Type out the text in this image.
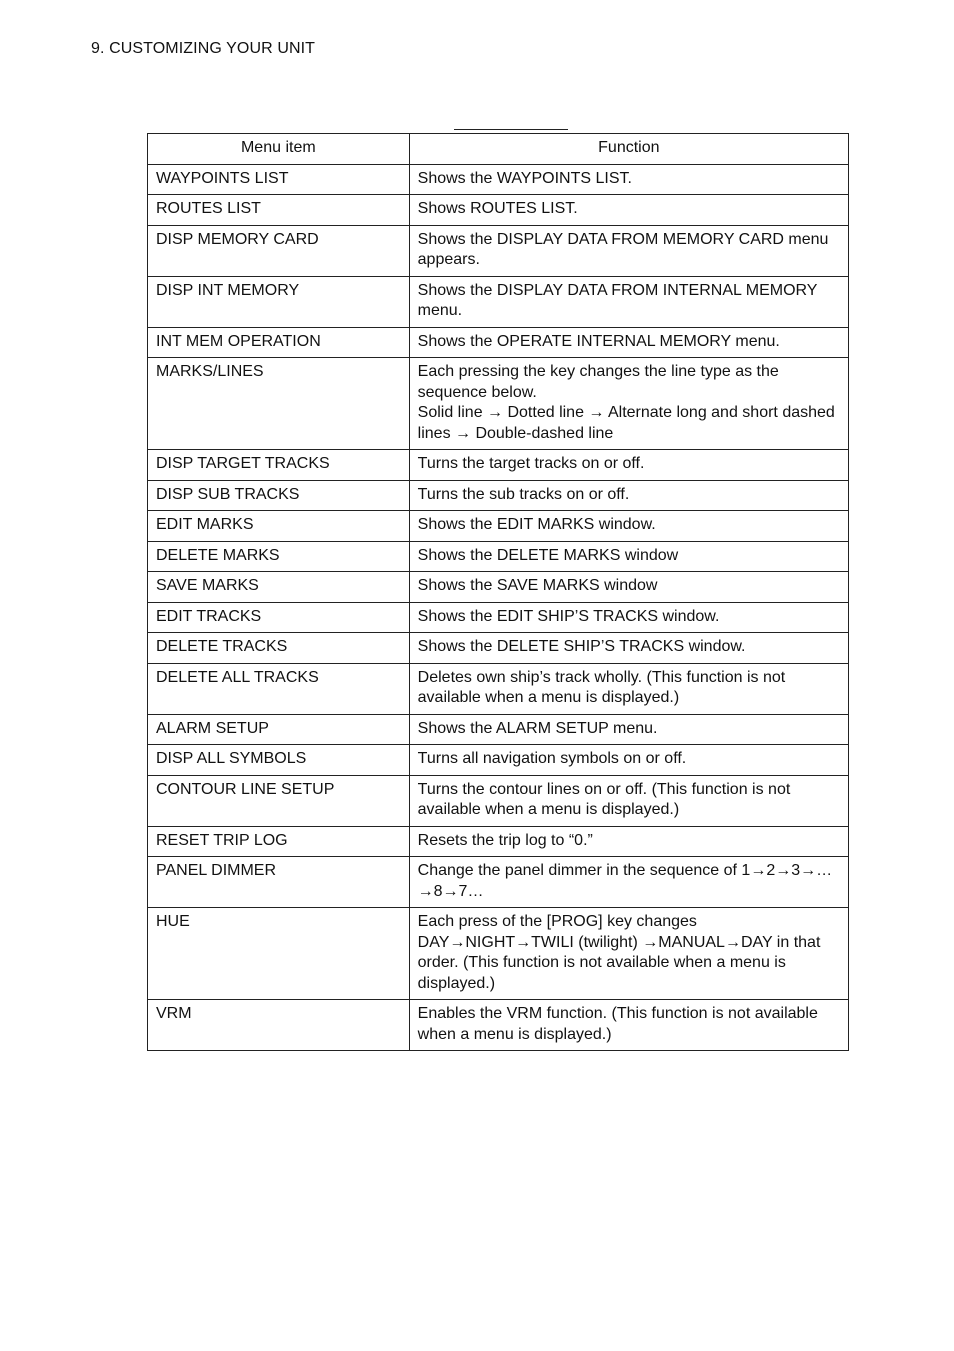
9. CUSTOMIZING YOUR UNIT
Menu item	Function
WAYPOINTS LIST	Shows the WAYPOINTS LIST.

ROUTES LIST	Shows ROUTES LIST.

DISP MEMORY CARD	Shows the DISPLAY DATA FROM MEMORY CARD menu appears.

DISP INT MEMORY	Shows the DISPLAY DATA FROM INTERNAL MEMORY menu.

INT MEM OPERATION	Shows the OPERATE INTERNAL MEMORY menu.

MARKS/LINES	Each pressing the key changes the line type as the sequence below.
Solid line → Dotted line → Alternate long and short dashed lines → Double-dashed line

DISP TARGET TRACKS	Turns the target tracks on or off.

DISP SUB TRACKS	Turns the sub tracks on or off.

EDIT MARKS	Shows the EDIT MARKS window.

DELETE MARKS	Shows the DELETE MARKS window

SAVE MARKS	Shows the SAVE MARKS window

EDIT TRACKS	Shows the EDIT SHIP’S TRACKS window.

DELETE TRACKS	Shows the DELETE SHIP’S TRACKS window.

DELETE ALL TRACKS	Deletes own ship’s track wholly. (This function is not available when a menu is displayed.)

ALARM SETUP	Shows the ALARM SETUP menu.

DISP ALL SYMBOLS	Turns all navigation symbols on or off.

CONTOUR LINE SETUP	Turns the contour lines on or off. (This function is not available when a menu is displayed.)

RESET TRIP LOG	Resets the trip log to “0.”

PANEL DIMMER	Change the panel dimmer in the sequence of 1→2→3→…→8→7…

HUE	Each press of the [PROG] key changes DAY→NIGHT→TWILI (twilight) →MANUAL→DAY in that order. (This function is not available when a menu is displayed.)

VRM	Enables the VRM function. (This function is not available when a menu is displayed.)
